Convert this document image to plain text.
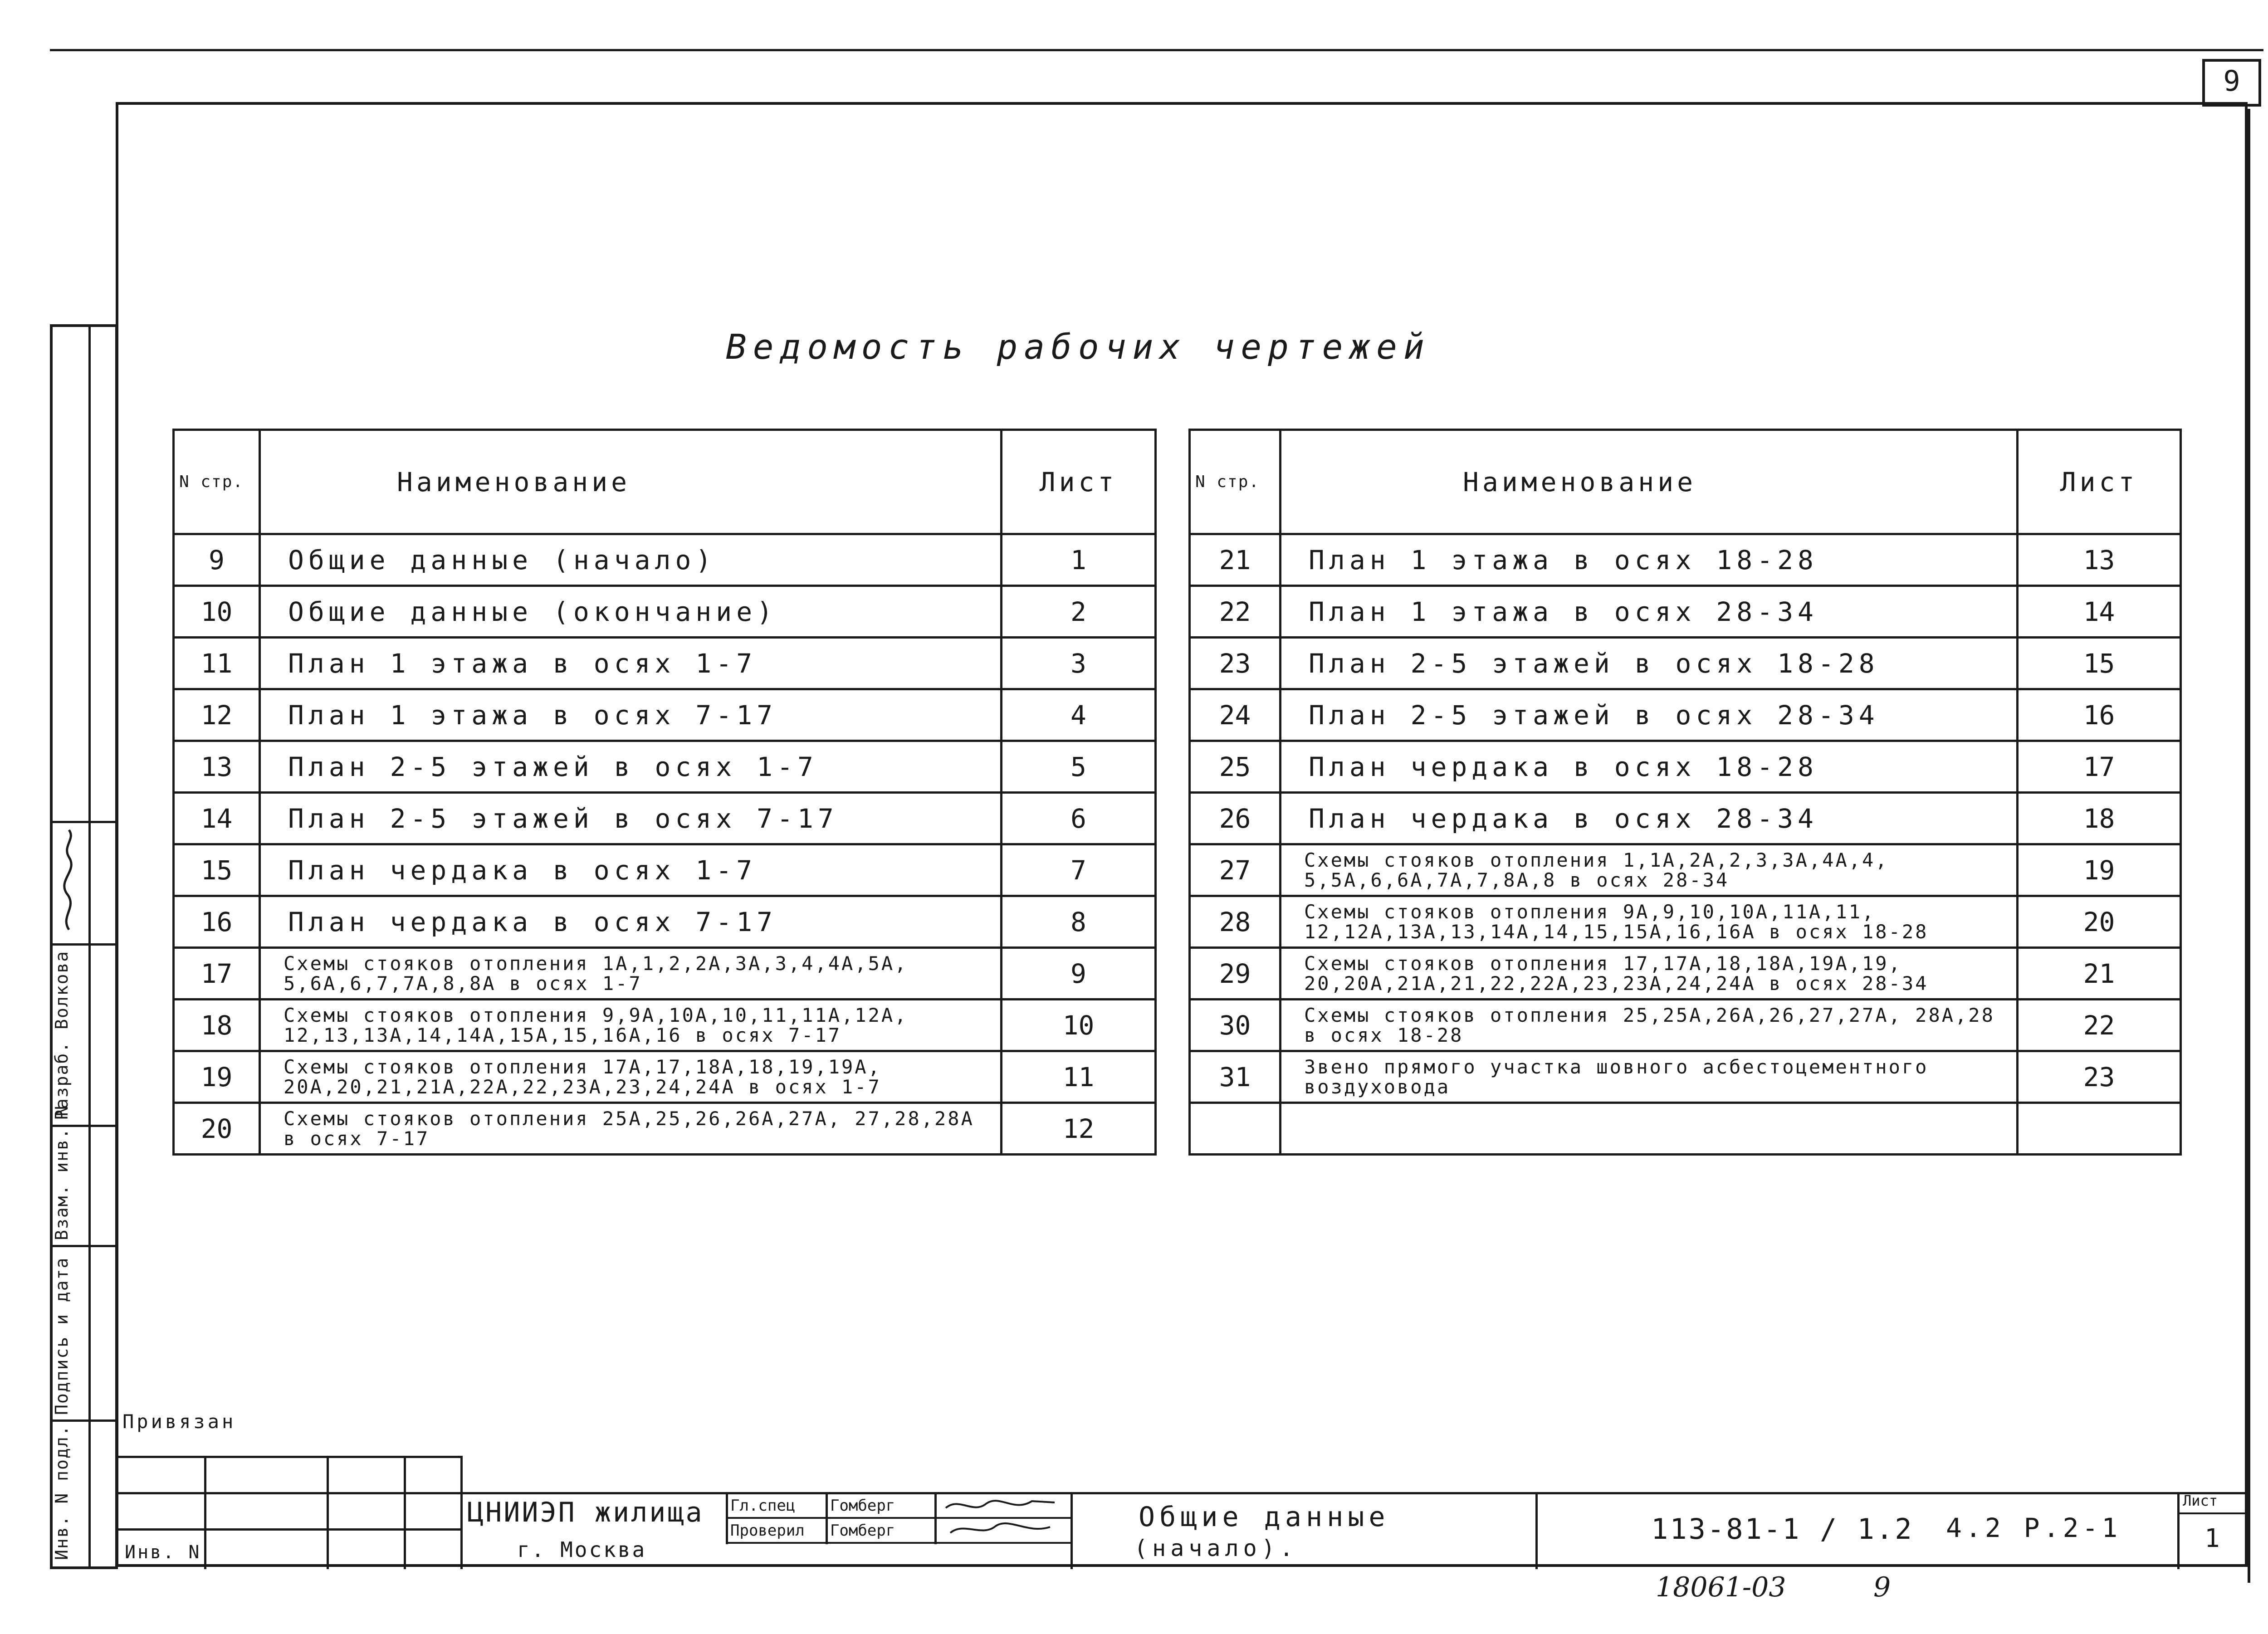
9
Ведомость рабочих чертежей
N стр.	Наименование	Лист
9	Общие данные (начало)	1
10	Общие данные (окончание)	2
11	План 1 этажа в осях 1-7	3
12	План 1 этажа в осях 7-17	4
13	План 2-5 этажей в осях 1-7	5
14	План 2-5 этажей в осях 7-17	6
15	План чердака в осях 1-7	7
16	План чердака в осях 7-17	8
17	Схемы стояков отопления 1А,1,2,2А,3А,3,4,4А,5А, 5,6А,6,7,7А,8,8А в осях 1-7	9
18	Схемы стояков отопления 9,9А,10А,10,11,11А,12А, 12,13,13А,14,14А,15А,15,16А,16 в осях 7-17	10
19	Схемы стояков отопления 17А,17,18А,18,19,19А, 20А,20,21,21А,22А,22,23А,23,24,24А в осях 1-7	11
20	Схемы стояков отопления 25А,25,26,26А,27А, 27,28,28А в осях 7-17	12
N стр.	Наименование	Лист
21	План 1 этажа в осях 18-28	13
22	План 1 этажа в осях 28-34	14
23	План 2-5 этажей в осях 18-28	15
24	План 2-5 этажей в осях 28-34	16
25	План чердака в осях 18-28	17
26	План чердака в осях 28-34	18
27	Схемы стояков отопления 1,1А,2А,2,3,3А,4А,4, 5,5А,6,6А,7А,7,8А,8 в осях 28-34	19
28	Схемы стояков отопления 9А,9,10,10А,11А,11, 12,12А,13А,13,14А,14,15,15А,16,16А в осях 18-28	20
29	Схемы стояков отопления 17,17А,18,18А,19А,19, 20,20А,21А,21,22,22А,23,23А,24,24А в осях 28-34	21
30	Схемы стояков отопления 25,25А,26А,26,27,27А, 28А,28 в осях 18-28	22
31	Звено прямого участка шовного асбестоцементного воздуховода	23

Разраб.
Волкова
Взам. инв. N
Подпись и дата
Инв. N подл.
Привязан
Инв. N
ЦНИИЭП жилища
г. Москва
Гл.спец Гомберг
Проверил Гомберг	Общие данные
(начало).
113-81-1 / 1.2 4.2 Р.2-1
Лист
1
18061-03	9
